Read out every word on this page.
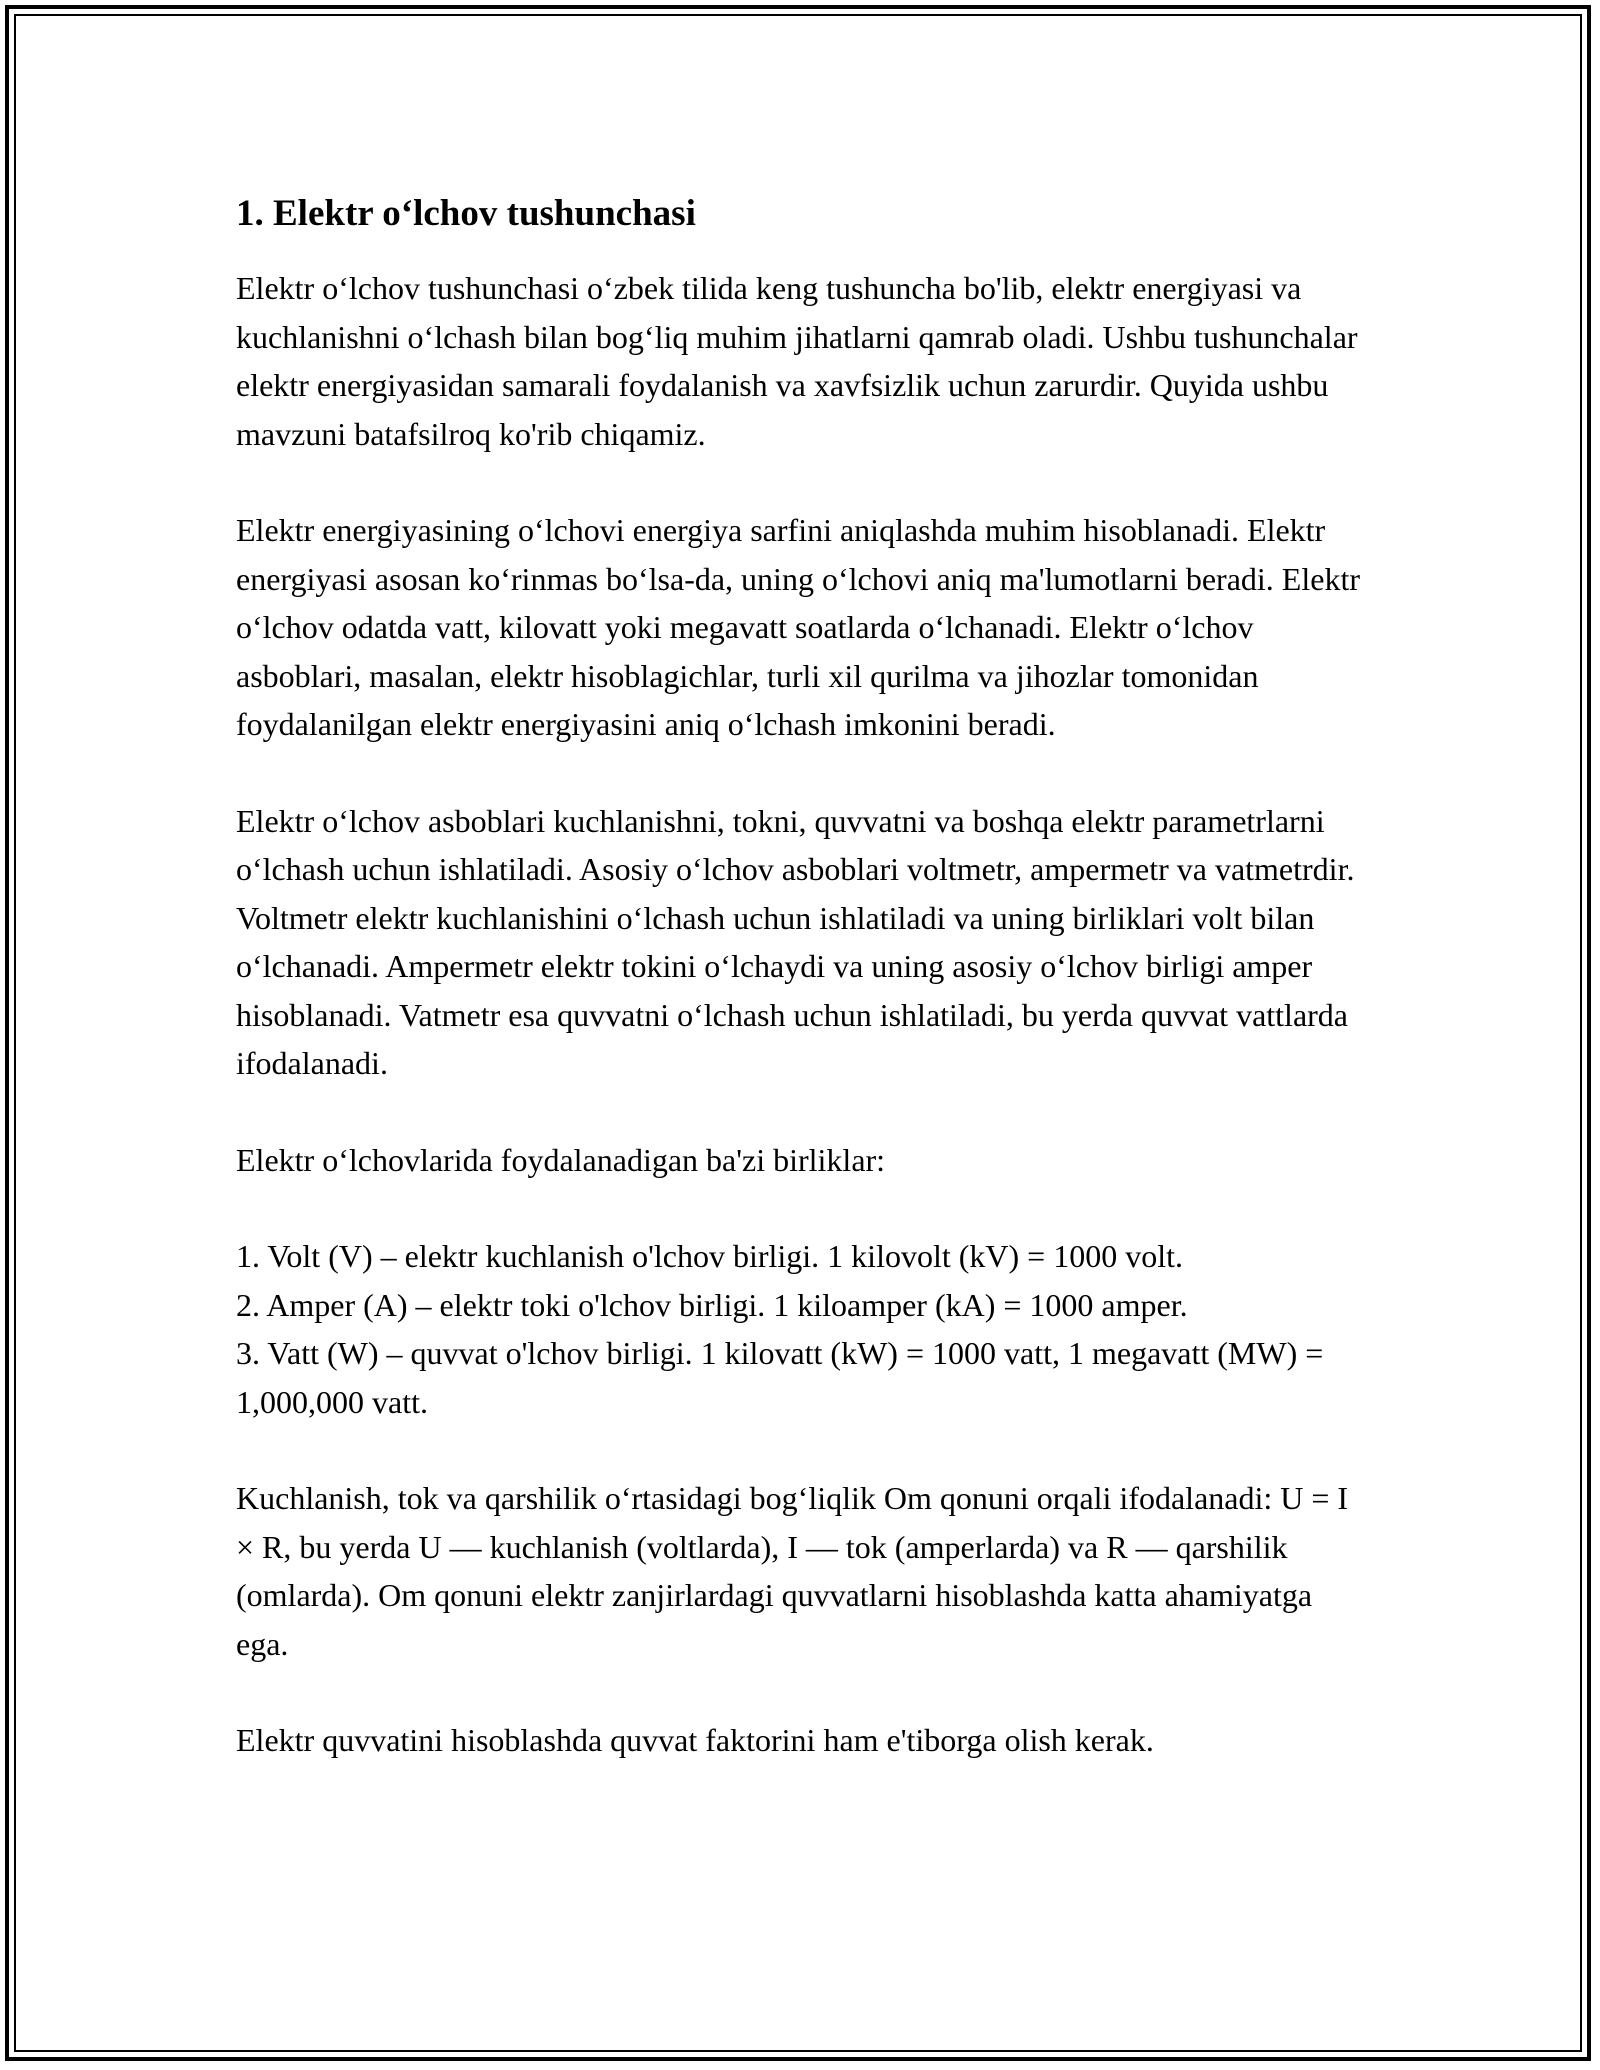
1. Elektr o‘lchov tushunchasi

Elektr o‘lchov tushunchasi o‘zbek tilida keng tushuncha bo'lib, elektr energiyasi va kuchlanishni o‘lchash bilan bog‘liq muhim jihatlarni qamrab oladi. Ushbu tushunchalar elektr energiyasidan samarali foydalanish va xavfsizlik uchun zarurdir. Quyida ushbu mavzuni batafsilroq ko'rib chiqamiz.

Elektr energiyasining o‘lchovi energiya sarfini aniqlashda muhim hisoblanadi. Elektr energiyasi asosan ko‘rinmas bo‘lsa-da, uning o‘lchovi aniq ma'lumotlarni beradi. Elektr o‘lchov odatda vatt, kilovatt yoki megavatt soatlarda o‘lchanadi. Elektr o‘lchov asboblari, masalan, elektr hisoblagichlar, turli xil qurilma va jihozlar tomonidan foydalanilgan elektr energiyasini aniq o‘lchash imkonini beradi.

Elektr o‘lchov asboblari kuchlanishni, tokni, quvvatni va boshqa elektr parametrlarni o‘lchash uchun ishlatiladi. Asosiy o‘lchov asboblari voltmetr, ampermetr va vatmetrdir. Voltmetr elektr kuchlanishini o‘lchash uchun ishlatiladi va uning birliklari volt bilan o‘lchanadi. Ampermetr elektr tokini o‘lchaydi va uning asosiy o‘lchov birligi amper hisoblanadi. Vatmetr esa quvvatni o‘lchash uchun ishlatiladi, bu yerda quvvat vattlarda ifodalanadi.

Elektr o‘lchovlarida foydalanadigan ba'zi birliklar:

1. Volt (V) – elektr kuchlanish o'lchov birligi. 1 kilovolt (kV) = 1000 volt.
2. Amper (A) – elektr toki o'lchov birligi. 1 kiloamper (kA) = 1000 amper.
3. Vatt (W) – quvvat o'lchov birligi. 1 kilovatt (kW) = 1000 vatt, 1 megavatt (MW) = 1,000,000 vatt.

Kuchlanish, tok va qarshilik o‘rtasidagi bog‘liqlik Om qonuni orqali ifodalanadi: U = I × R, bu yerda U — kuchlanish (voltlarda), I — tok (amperlarda) va R — qarshilik (omlarda). Om qonuni elektr zanjirlardagi quvvatlarni hisoblashda katta ahamiyatga ega.

Elektr quvvatini hisoblashda quvvat faktorini ham e'tiborga olish kerak.
